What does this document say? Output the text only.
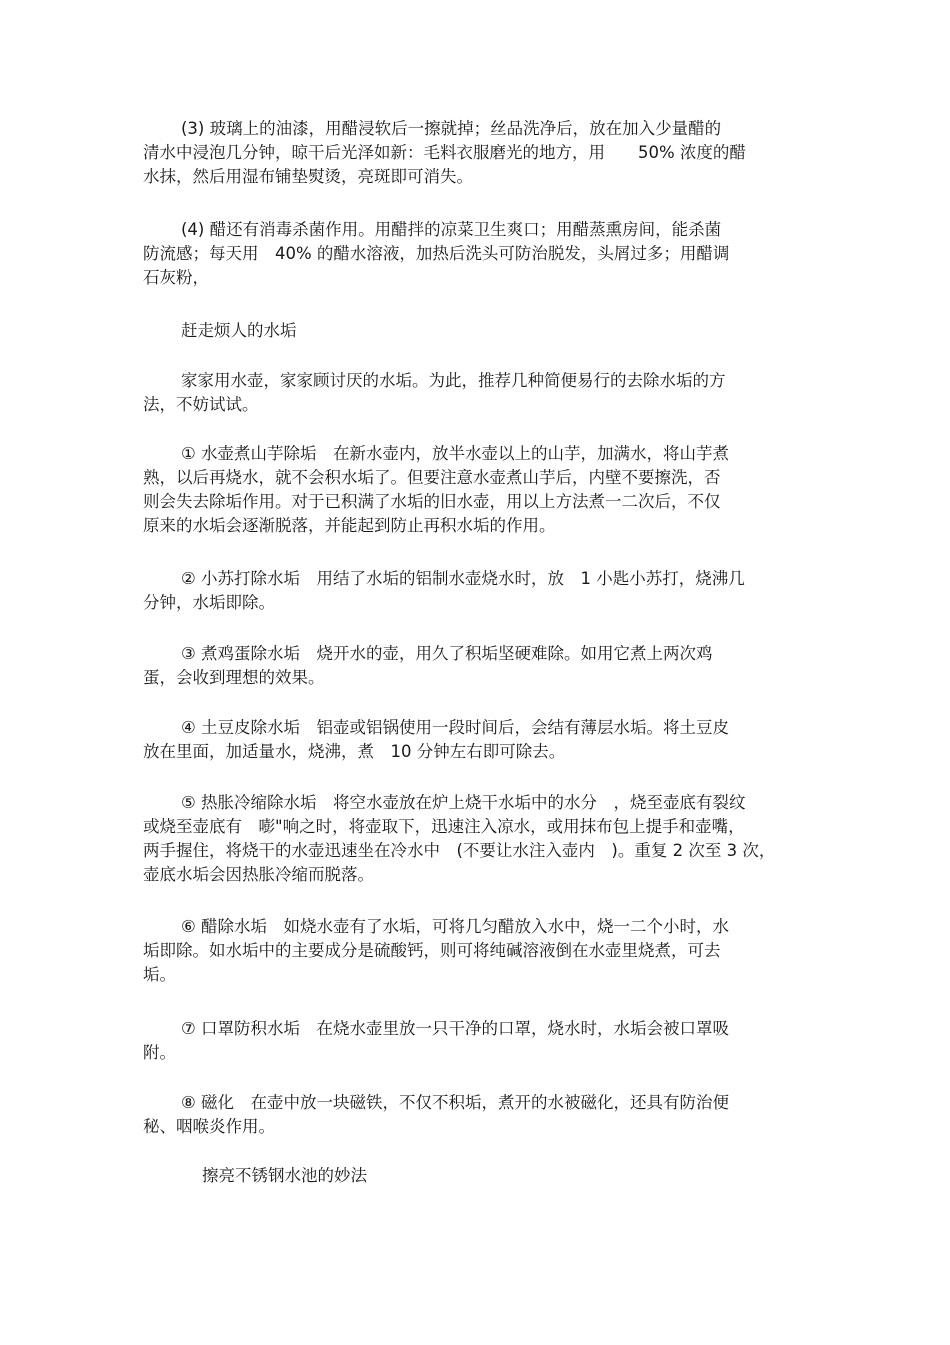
(3) 玻璃上的油漆，用醋浸软后一擦就掉；丝品洗净后，放在加入少量醋的
清水中浸泡几分钟，晾干后光泽如新：毛料衣服磨光的地方，用　　50% 浓度的醋
水抹，然后用湿布铺垫熨烫，亮斑即可消失。
(4) 醋还有消毒杀菌作用。用醋拌的凉菜卫生爽口；用醋蒸熏房间，能杀菌
防流感；每天用　40% 的醋水溶液，加热后洗头可防治脱发，头屑过多；用醋调
石灰粉，
赶走烦人的水垢
家家用水壶，家家顾讨厌的水垢。为此，推荐几种简便易行的去除水垢的方
法，不妨试试。
① 水壶煮山芋除垢　在新水壶内，放半水壶以上的山芋，加满水，将山芋煮
熟，以后再烧水，就不会积水垢了。但要注意水壶煮山芋后，内壁不要擦洗，否
则会失去除垢作用。对于已积满了水垢的旧水壶，用以上方法煮一二次后，不仅
原来的水垢会逐渐脱落，并能起到防止再积水垢的作用。
② 小苏打除水垢　用结了水垢的铝制水壶烧水时，放　1 小匙小苏打，烧沸几
分钟，水垢即除。
③ 煮鸡蛋除水垢　烧开水的壶，用久了积垢坚硬难除。如用它煮上两次鸡
蛋，会收到理想的效果。
④ 土豆皮除水垢　铝壶或铝锅使用一段时间后，会结有薄层水垢。将土豆皮
放在里面，加适量水，烧沸，煮　10 分钟左右即可除去。
⑤ 热胀冷缩除水垢　将空水壶放在炉上烧干水垢中的水分　，烧至壶底有裂纹
或烧至壶底有　嘭"响之时，将壶取下，迅速注入凉水，或用抹布包上提手和壶嘴，
两手握住，将烧干的水壶迅速坐在冷水中　(不要让水注入壶内　)。重复 2 次至 3 次，
壶底水垢会因热胀冷缩而脱落。
⑥ 醋除水垢　如烧水壶有了水垢，可将几匀醋放入水中，烧一二个小时，水
垢即除。如水垢中的主要成分是硫酸钙，则可将纯碱溶液倒在水壶里烧煮，可去
垢。
⑦ 口罩防积水垢　在烧水壶里放一只干净的口罩，烧水时，水垢会被口罩吸
附。
⑧ 磁化　在壶中放一块磁铁，不仅不积垢，煮开的水被磁化，还具有防治便
秘、咽喉炎作用。
擦亮不锈钢水池的妙法
